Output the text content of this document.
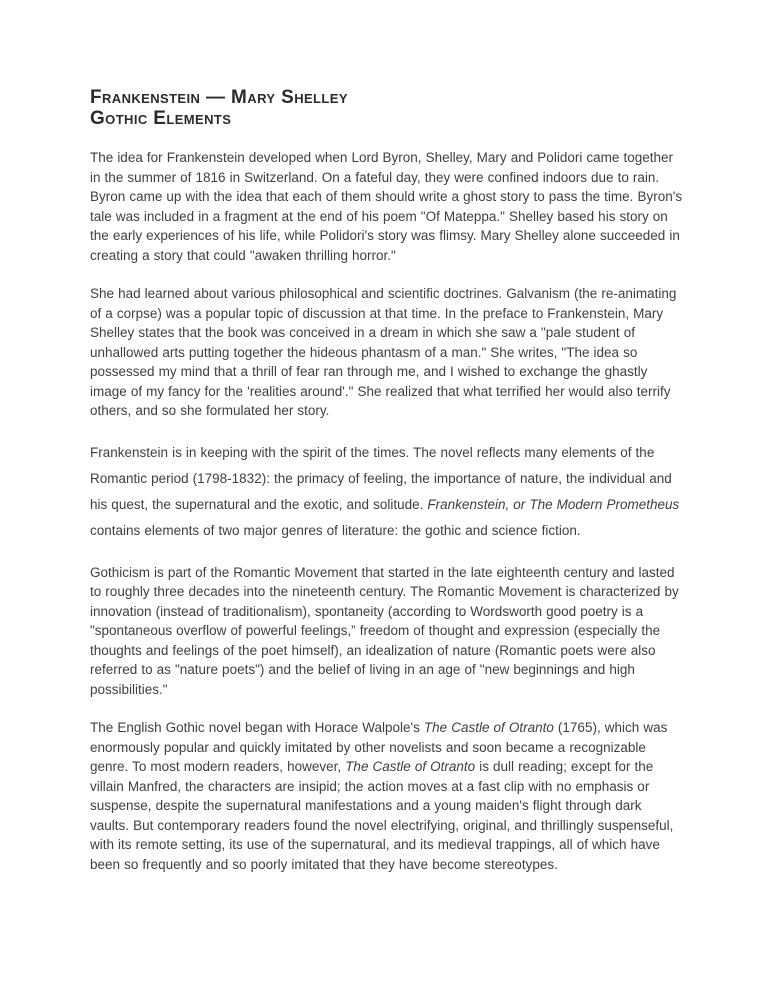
Frankenstein — Mary Shelley
Gothic Elements

The idea for Frankenstein developed when Lord Byron, Shelley, Mary and Polidori came together in the summer of 1816 in Switzerland. On a fateful day, they were confined indoors due to rain. Byron came up with the idea that each of them should write a ghost story to pass the time. Byron's tale was included in a fragment at the end of his poem "Of Mateppa." Shelley based his story on the early experiences of his life, while Polidori's story was flimsy. Mary Shelley alone succeeded in creating a story that could "awaken thrilling horror."

She had learned about various philosophical and scientific doctrines. Galvanism (the re-animating of a corpse) was a popular topic of discussion at that time. In the preface to Frankenstein, Mary Shelley states that the book was conceived in a dream in which she saw a "pale student of unhallowed arts putting together the hideous phantasm of a man." She writes, "The idea so possessed my mind that a thrill of fear ran through me, and I wished to exchange the ghastly image of my fancy for the 'realities around'." She realized that what terrified her would also terrify others, and so she formulated her story.

Frankenstein is in keeping with the spirit of the times. The novel reflects many elements of the Romantic period (1798-1832): the primacy of feeling, the importance of nature, the individual and his quest, the supernatural and the exotic, and solitude. Frankenstein, or The Modern Prometheus contains elements of two major genres of literature: the gothic and science fiction.

Gothicism is part of the Romantic Movement that started in the late eighteenth century and lasted to roughly three decades into the nineteenth century. The Romantic Movement is characterized by innovation (instead of traditionalism), spontaneity (according to Wordsworth good poetry is a "spontaneous overflow of powerful feelings,” freedom of thought and expression (especially the thoughts and feelings of the poet himself), an idealization of nature (Romantic poets were also referred to as "nature poets") and the belief of living in an age of "new beginnings and high possibilities."

The English Gothic novel began with Horace Walpole's The Castle of Otranto (1765), which was enormously popular and quickly imitated by other novelists and soon became a recognizable genre. To most modern readers, however, The Castle of Otranto is dull reading; except for the villain Manfred, the characters are insipid; the action moves at a fast clip with no emphasis or suspense, despite the supernatural manifestations and a young maiden's flight through dark vaults. But contemporary readers found the novel electrifying, original, and thrillingly suspenseful, with its remote setting, its use of the supernatural, and its medieval trappings, all of which have been so frequently and so poorly imitated that they have become stereotypes.
